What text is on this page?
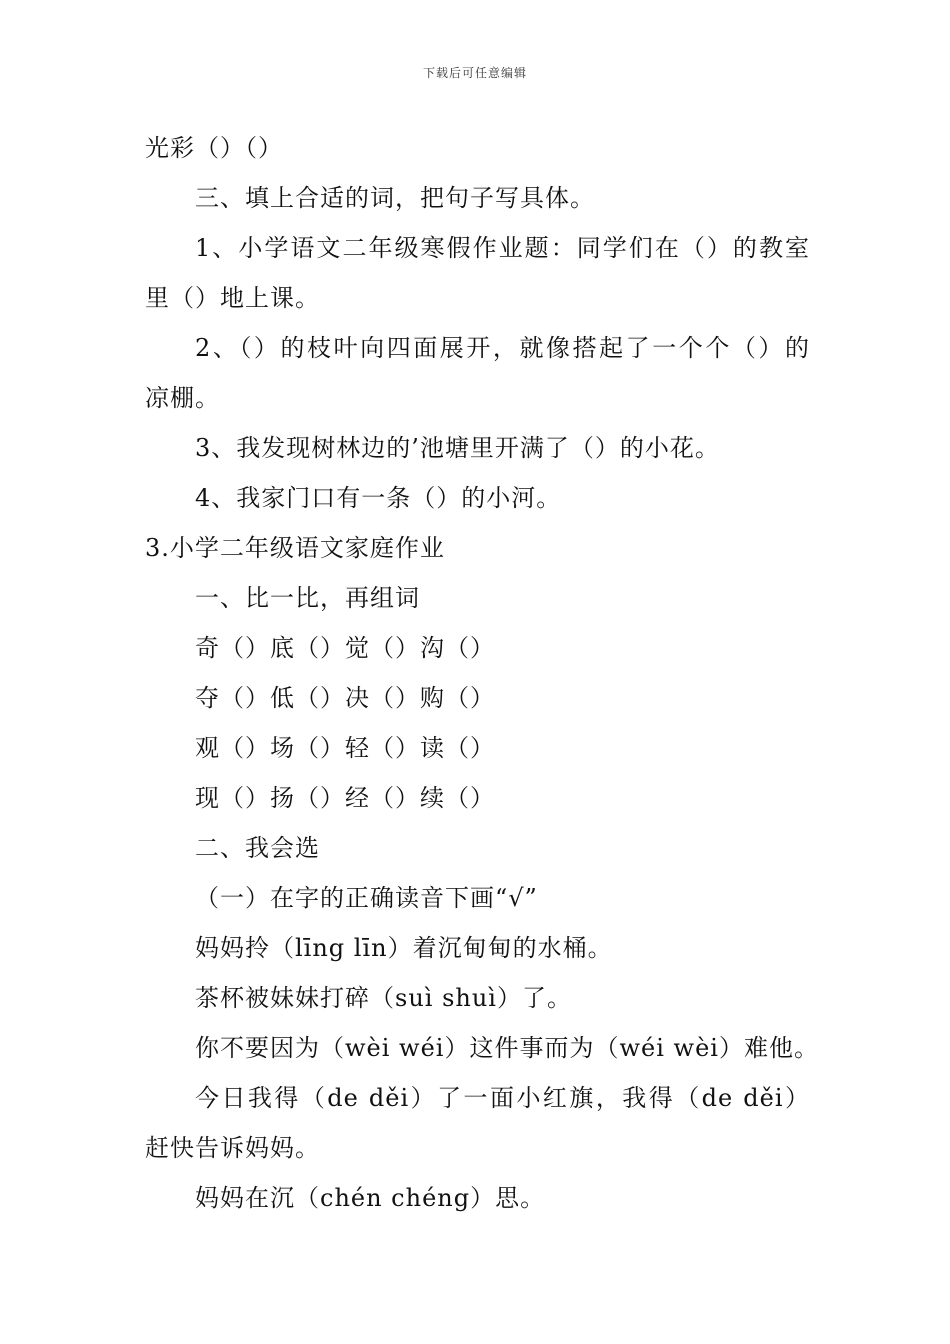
下载后可任意编辑
光彩（）（）
三、填上合适的词，把句子写具体。
1、小学语文二年级寒假作业题：同学们在（）的教室
里（）地上课。
2、（）的枝叶向四面展开，就像搭起了一个个（）的
凉棚。
3、我发现树林边的’池塘里开满了（）的小花。
4、我家门口有一条（）的小河。
3.小学二年级语文家庭作业
一、比一比，再组词
奇（）底（）觉（）沟（）
夺（）低（）决（）购（）
观（）场（）轻（）读（）
现（）扬（）经（）续（）
二、我会选
（一）在字的正确读音下画“√”
妈妈拎（līng līn）着沉甸甸的水桶。
茶杯被妹妹打碎（suì shuì）了。
你不要因为（wèi wéi）这件事而为（wéi wèi）难他。
今日我得（de děi）了一面小红旗，我得（de děi）
赶快告诉妈妈。
妈妈在沉（chén chéng）思。
